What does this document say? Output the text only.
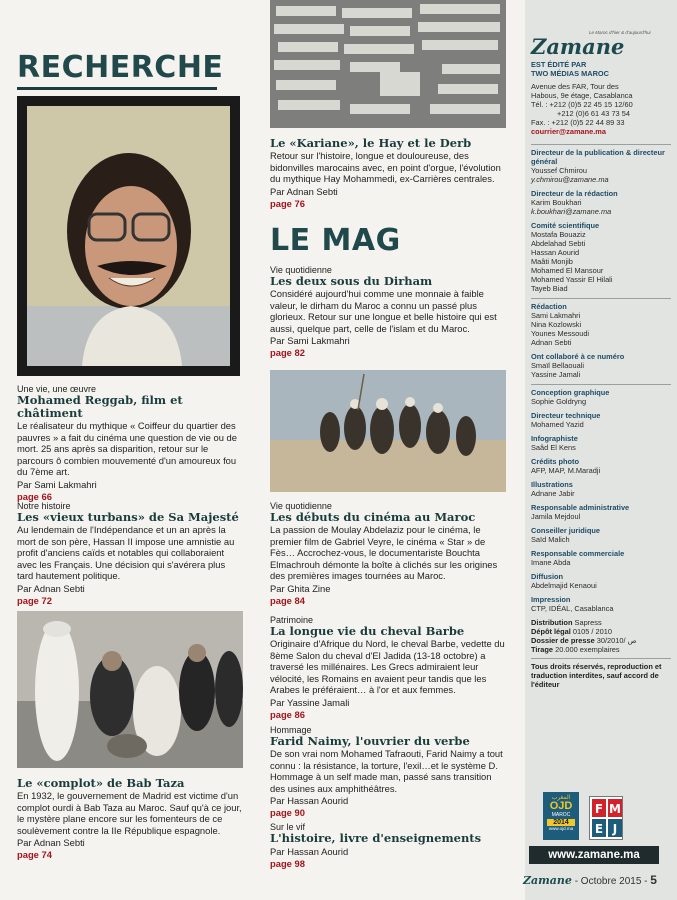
RECHERCHE
Une vie, une œuvre
Mohamed Reggab, film et châtiment
Le réalisateur du mythique « Coiffeur du quartier des pauvres » a fait du cinéma une question de vie ou de mort. 25 ans après sa disparition, retour sur le parcours ô combien mouvementé d'un amoureux fou du 7ème art.
Par Sami Lakmahri
page 66
Notre histoire
Les «vieux turbans» de Sa Majesté
Au lendemain de l'Indépendance et un an après la mort de son père, Hassan II impose une amnistie au profit d'anciens caïds et notables qui collaboraient avec les Français. Une décision qui s'avérera plus tard hautement politique.
Par Adnan Sebti
page 72
Le «complot» de Bab Taza
En 1932, le gouvernement de Madrid est victime d'un complot ourdi à Bab Taza au Maroc. Sauf qu'à ce jour, le mystère plane encore sur les fomenteurs de ce soulèvement contre la IIe République espagnole.
Par Adnan Sebti
page 74
Le «Kariane», le Hay et le Derb
Retour sur l'histoire, longue et douloureuse, des bidonvilles marocains avec, en point d'orgue, l'évolution du mythique Hay Mohammedi, ex-Carrières centrales.
Par Adnan Sebti
page 76
LE MAG
Vie quotidienne
Les deux sous du Dirham
Considéré aujourd'hui comme une monnaie à faible valeur, le dirham du Maroc a connu un passé plus glorieux. Retour sur une longue et belle histoire qui est aussi, quelque part, celle de l'islam et du Maroc.
Par Sami Lakmahri
page 82
Vie quotidienne
Les débuts du cinéma au Maroc
La passion de Moulay Abdelaziz pour le cinéma, le premier film de Gabriel Veyre, le cinéma « Star » de Fès… Accrochez-vous, le documentariste Bouchta Elmachrouh démonte la boîte à clichés sur les origines des premières images tournées au Maroc.
Par Ghita Zine
page 84
Patrimoine
La longue vie du cheval Barbe
Originaire d'Afrique du Nord, le cheval Barbe, vedette du 8ème Salon du cheval d'El Jadida (13-18 octobre) a traversé les millénaires. Les Grecs admiraient leur vélocité, les Romains en avaient peur tandis que les Arabes le préféraient… à l'or et aux femmes.
Par Yassine Jamali
page 86
Hommage
Farid Naimy, l'ouvrier du verbe
De son vrai nom Mohamed Tafraouti, Farid Naimy a tout connu : la résistance, la torture, l'exil…et le système D. Hommage à un self made man, passé sans transition des usines aux amphithéâtres.
Par Hassan Aourid
page 90
Sur le vif
L'histoire, livre d'enseignements
Par Hassan Aourid
page 98
Zamane
Le Maroc d'hier & d'aujourd'hui
EST ÉDITÉ PAR
TWO MÉDIAS MAROC
Avenue des FAR, Tour des
Habous, 9e étage, Casablanca
Tél. : +212 (0)5 22 45 15 12/60
+212 (0)6 61 43 73 54
Fax. : +212 (0)5 22 44 89 33
courrier@zamane.ma
Directeur de la publication & directeur général
Youssef Chmirou
y.chmirou@zamane.ma
Directeur de la rédaction
Karim Boukhari
k.boukhari@zamane.ma
Comité scientifique
Mostafa Bouaziz
Abdelahad Sebti
Hassan Aourid
Maâti Monjib
Mohamed El Mansour
Mohamed Yassir El Hilali
Tayeb Biad
Rédaction
Sami Lakmahri
Nina Kozlowski
Younes Messoudi
Adnan Sebti
Ont collaboré à ce numéro
Smaïl Bellaouali
Yassine Jamali
Conception graphique
Sophie Goldryng
Directeur technique
Mohamed Yazid
Infographiste
Saâd El Kens
Crédits photo
AFP, MAP, M.Maradji
Illustrations
Adnane Jabir
Responsable administrative
Jamila Mejdoul
Conseiller juridique
Saïd Malich
Responsable commerciale
Imane Abda
Diffusion
Abdelmajid Kenaoui
Impression
CTP, IDÉAL, Casablanca
Distribution Sapress
Dépôt légal 0105 / 2010
Dossier de presse 30/ص /2010
Tirage 20.000 exemplaires
Tous droits réservés, reproduction et traduction interdites, sauf accord de l'éditeur
المغرب
OJD
MAROC
2014
www.ojd.ma
F M
E J
www.zamane.ma
Zamane - Octobre 2015 - 5
